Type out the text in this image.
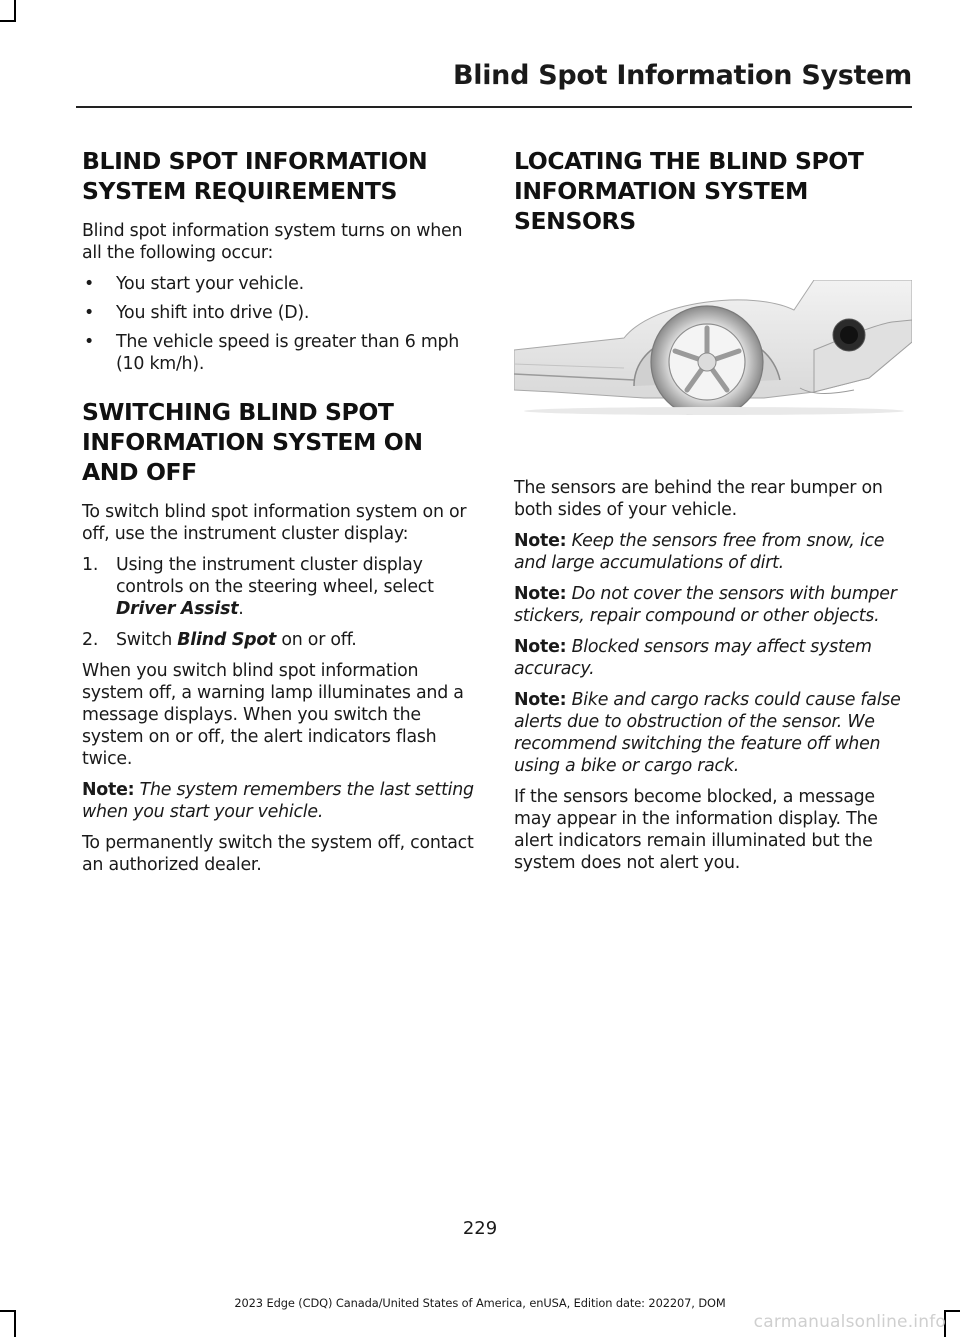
Blind Spot Information System
BLIND SPOT INFORMATION
SYSTEM REQUIREMENTS

Blind spot information system turns on when all the following occur:

• You start your vehicle.
• You shift into drive (D).
• The vehicle speed is greater than 6 mph (10 km/h).
SWITCHING BLIND SPOT
INFORMATION SYSTEM ON
AND OFF

To switch blind spot information system on or off, use the instrument cluster display:

1. Using the instrument cluster display controls on the steering wheel, select Driver Assist.
2. Switch Blind Spot on or off.

When you switch blind spot information system off, a warning lamp illuminates and a message displays. When you switch the system on or off, the alert indicators flash twice.

Note: The system remembers the last setting when you start your vehicle.

To permanently switch the system off, contact an authorized dealer.

LOCATING THE BLIND SPOT
INFORMATION SYSTEM
SENSORS

The sensors are behind the rear bumper on both sides of your vehicle.

Note: Keep the sensors free from snow, ice and large accumulations of dirt.

Note: Do not cover the sensors with bumper stickers, repair compound or other objects.

Note: Blocked sensors may affect system accuracy.

Note: Bike and cargo racks could cause false alerts due to obstruction of the sensor. We recommend switching the feature off when using a bike or cargo rack.

If the sensors become blocked, a message may appear in the information display. The alert indicators remain illuminated but the system does not alert you.

229
2023 Edge (CDQ) Canada/United States of America, enUSA, Edition date: 202207, DOM
carmanualsonline.info
